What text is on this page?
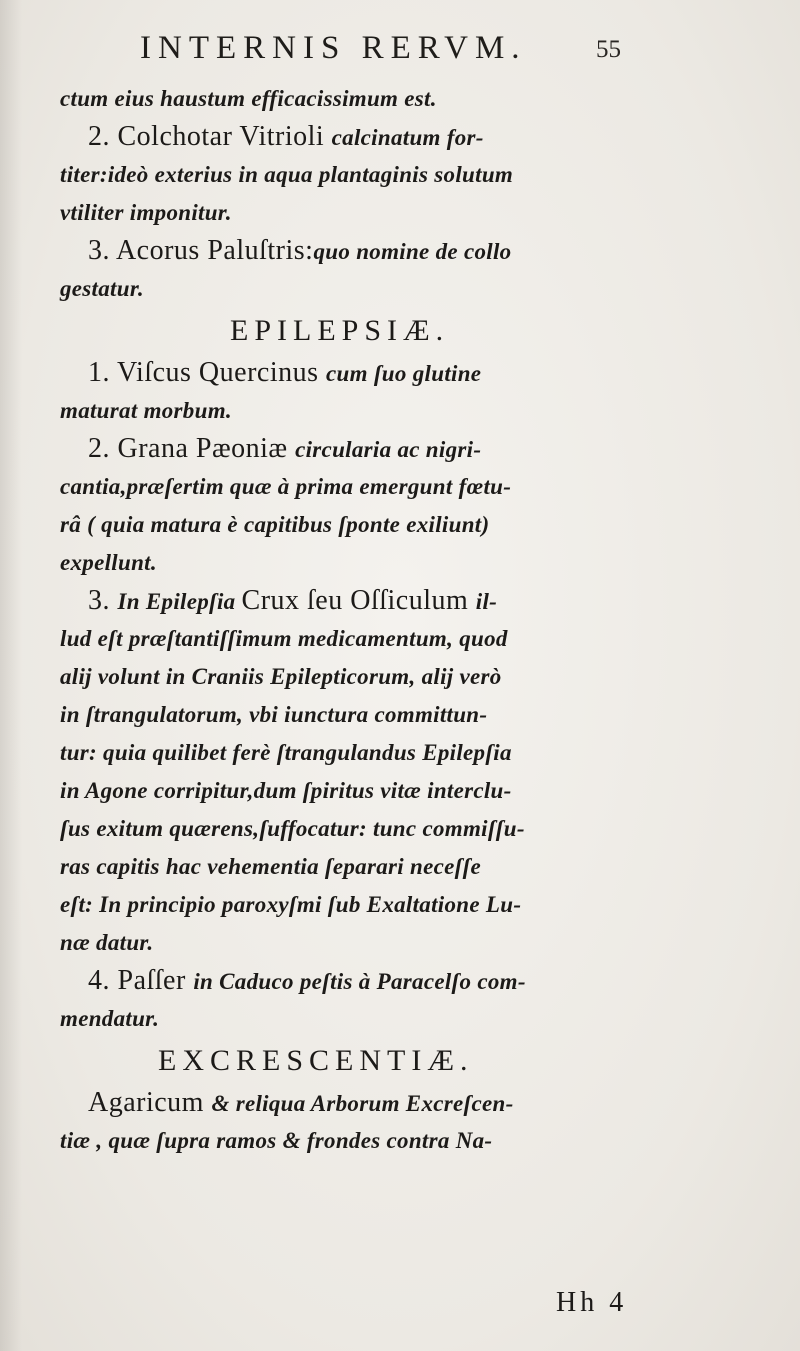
INTERNIS RERVM.	55
ctum eius haustum efficacissimum est.
2. Colchotar Vitrioli calcinatum for-
titer:ideò exterius in aqua plantaginis solutum
vtiliter imponitur.
3. Acorus Paluſtris:quo nomine de collo
gestatur.
EPILEPSIÆ.
1. Viſcus Quercinus cum ſuo glutine
maturat morbum.
2. Grana Pæoniæ circularia ac nigri-
cantia,præſertim quæ à prima emergunt fœtu-
râ ( quia matura è capitibus ſponte exiliunt)
expellunt.
3. In Epilepſia Crux ſeu Oſſiculum il-
lud eſt præſtantiſſimum medicamentum, quod
alij volunt in Craniis Epilepticorum, alij verò
in ſtrangulatorum, vbi iunctura committun-
tur: quia quilibet ferè ſtrangulandus Epilepſia
in Agone corripitur,dum ſpiritus vitæ interclu-
ſus exitum quærens,ſuffocatur: tunc commiſſu-
ras capitis hac vehementia ſeparari neceſſe
eſt: In principio paroxyſmi ſub Exaltatione Lu-
næ datur.
4. Paſſer in Caduco peſtis à Paracelſo com-
mendatur.
EXCRESCENTIÆ.
Agaricum & reliqua Arborum Excreſcen-
tiæ , quæ ſupra ramos & frondes contra Na-
Hh 4
